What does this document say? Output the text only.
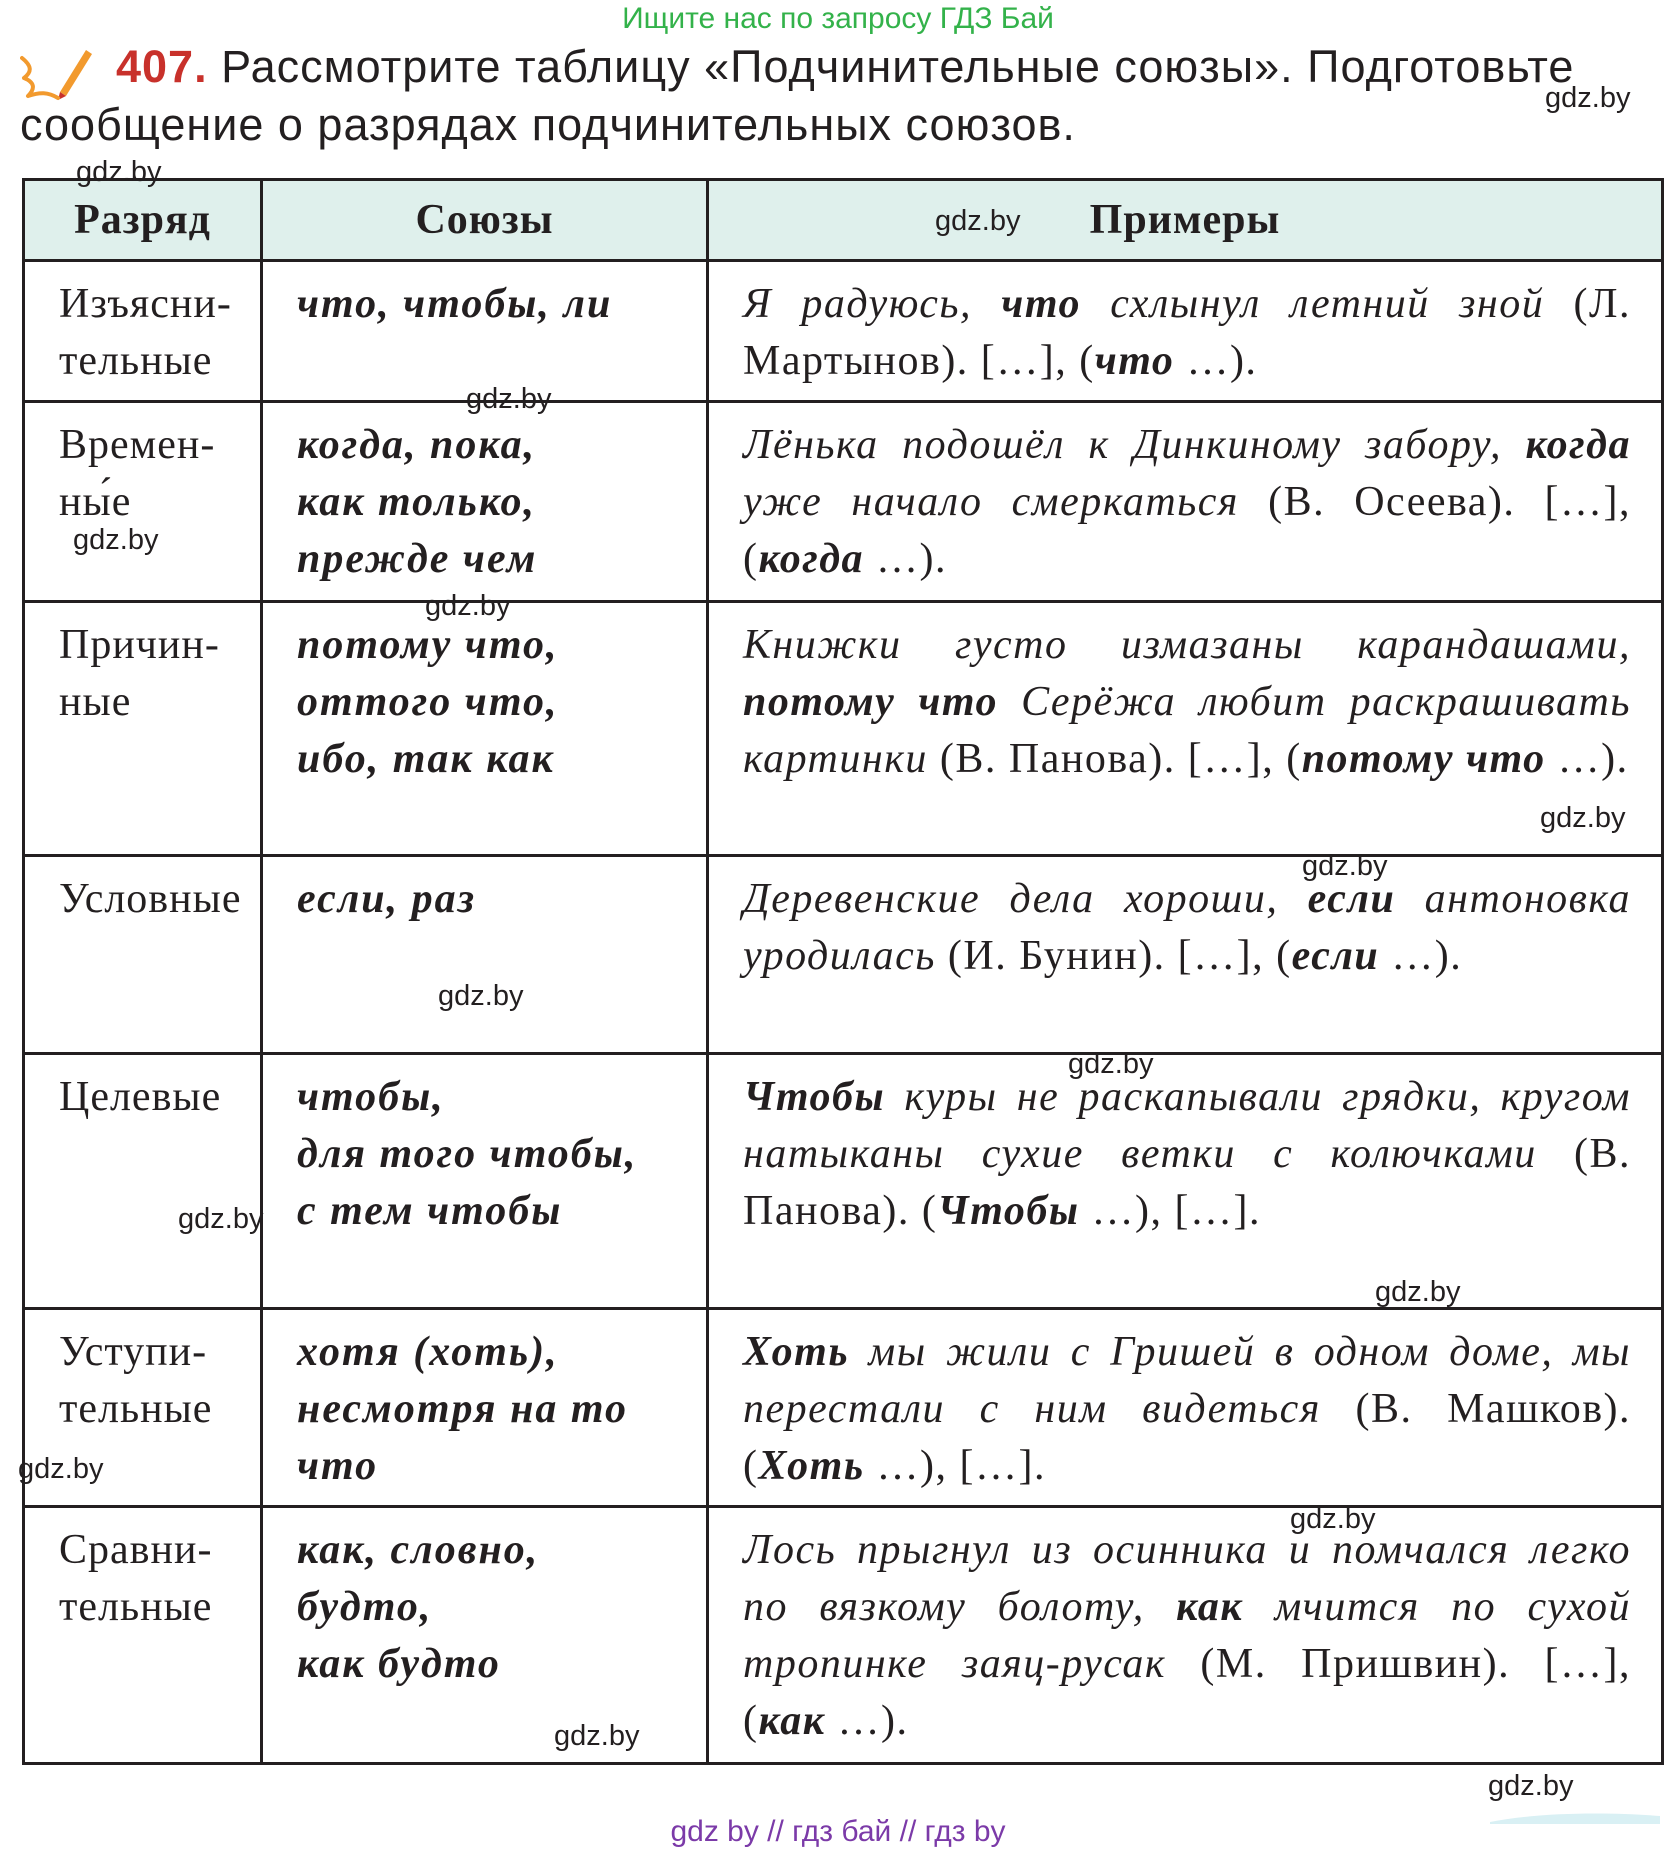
Ищите нас по запросу ГДЗ Бай
407. Рассмотрите таблицу «Подчинительные союзы». Подготовьте
сообщение о разрядах подчинительных союзов.
Разряд	Союзы	Примеры
Изъясни-
тельные	что, чтобы, ли	Я радуюсь, что схлынул летний зной (Л. Мартынов). […], (что …).
Времен-
ны́е	когда, пока,
как только,
прежде чем	Лёнька подошёл к Динкиному забору, когда уже начало смеркаться (В. Осеева). […], (когда …).
Причин-
ные	потому что,
оттого что,
ибо, так как	Книжки густо измазаны карандашами, потому что Серёжа любит раскрашивать картинки (В. Панова). […], (потому что …).
Условные	если, раз	Деревенские дела хороши, если антоновка уродилась (И. Бунин). […], (если …).
Целевые	чтобы,
для того чтобы,
с тем чтобы	Чтобы куры не раскапывали грядки, кругом натыканы сухие ветки с колючками (В. Панова). (Чтобы …), […].
Уступи-
тельные	хотя (хоть),
несмотря на то что	Хоть мы жили с Гришей в одном доме, мы перестали с ним видеться (В. Машков). (Хоть …), […].
Сравни-
тельные	как, словно, будто,
как будто	Лось прыгнул из осинника и помчался легко по вязкому болоту, как мчится по сухой тропинке заяц-русак (М. Пришвин). […], (как …).
gdz.by
gdz.by
gdz.by
gdz.by
gdz.by
gdz.by
gdz.by
gdz.by
gdz.by
gdz.by
gdz.by
gdz.by
gdz.by
gdz.by
gdz.by
gdz.by
gdz by // гдз бай // гдз by
